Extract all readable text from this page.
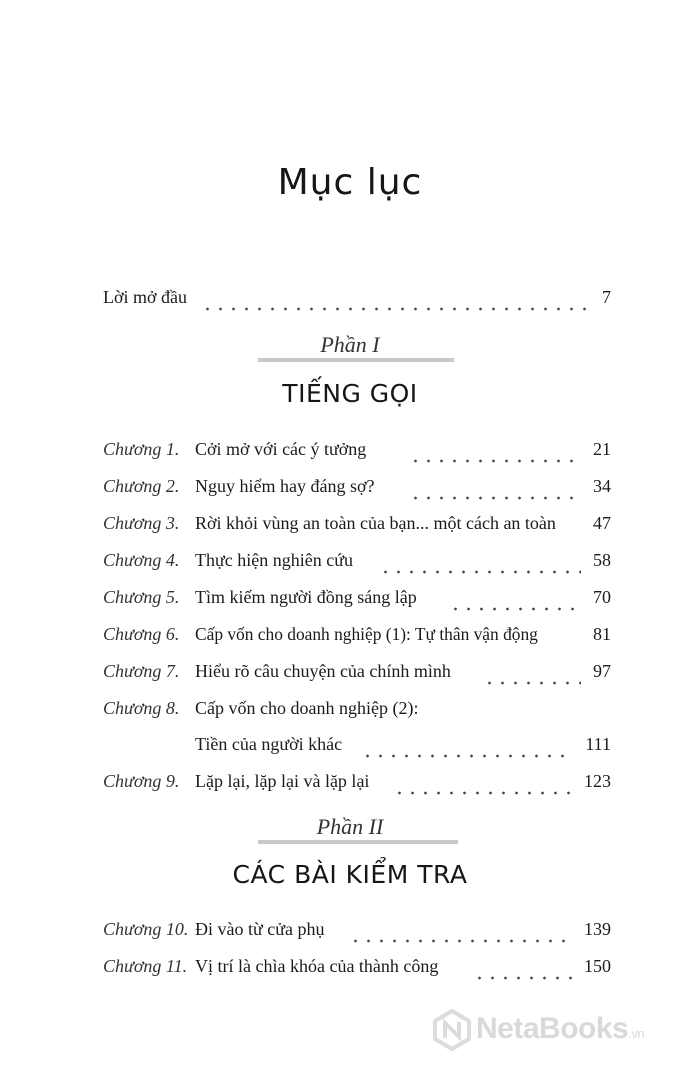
Mục lục
Lời mở đầu	7
Phần I
TIẾNG GỌI
Chương 1. Cởi mở với các ý tưởng	21
Chương 2. Nguy hiểm hay đáng sợ?	34
Chương 3. Rời khỏi vùng an toàn của bạn... một cách an toàn 47
Chương 4. Thực hiện nghiên cứu	58
Chương 5. Tìm kiếm người đồng sáng lập	70
Chương 6. Cấp vốn cho doanh nghiệp (1): Tự thân vận động	81
Chương 7. Hiểu rõ câu chuyện của chính mình	97
Chương 8. Cấp vốn cho doanh nghiệp (2):
Tiền của người khác	111
Chương 9. Lặp lại, lặp lại và lặp lại	123
Phần II
CÁC BÀI KIỂM TRA
Chương 10. Đi vào từ cửa phụ	139
Chương 11. Vị trí là chìa khóa của thành công	150
NetaBooks.vn
